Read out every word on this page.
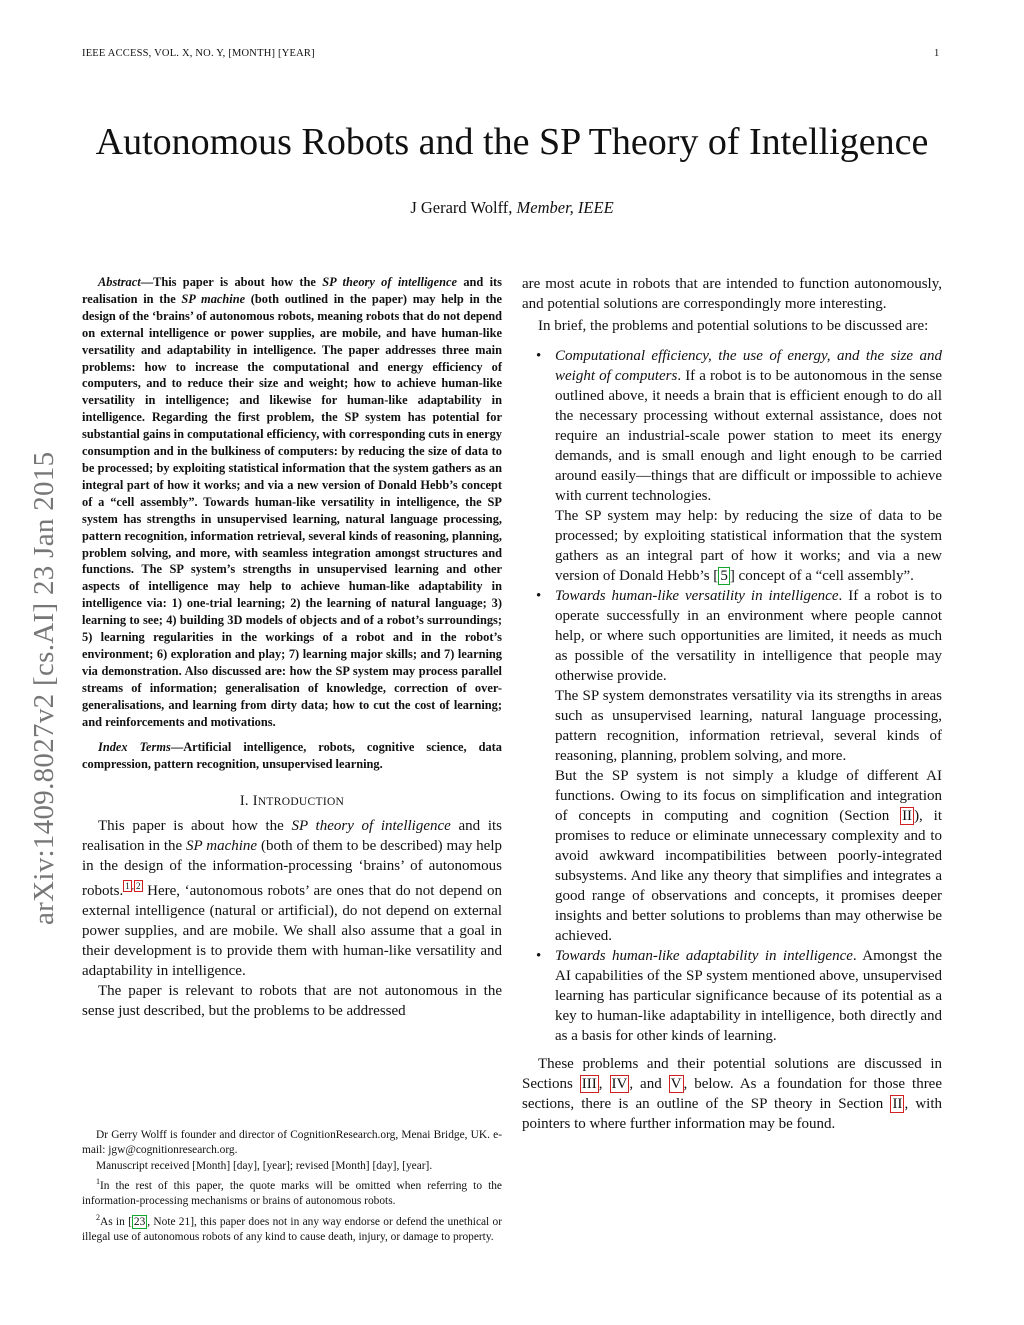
IEEE ACCESS, VOL. X, NO. Y, [MONTH] [YEAR]	1
Autonomous Robots and the SP Theory of Intelligence
J Gerard Wolff, Member, IEEE
arXiv:1409.8027v2 [cs.AI] 23 Jan 2015

Abstract—This paper is about how the SP theory of intelligence and its realisation in the SP machine (both outlined in the paper) may help in the design of the ‘brains’ of autonomous robots, meaning robots that do not depend on external intelligence or power supplies, are mobile, and have human-like versatility and adaptability in intelligence. The paper addresses three main problems: how to increase the computational and energy efficiency of computers, and to reduce their size and weight; how to achieve human-like versatility in intelligence; and likewise for human-like adaptability in intelligence. Regarding the first problem, the SP system has potential for substantial gains in computational efficiency, with corresponding cuts in energy consumption and in the bulkiness of computers: by reducing the size of data to be processed; by exploiting statistical information that the system gathers as an integral part of how it works; and via a new version of Donald Hebb’s concept of a “cell assembly”. Towards human-like versatility in intelligence, the SP system has strengths in unsupervised learning, natural language processing, pattern recognition, information retrieval, several kinds of reasoning, planning, problem solving, and more, with seamless integration amongst structures and functions. The SP system’s strengths in unsupervised learning and other aspects of intelligence may help to achieve human-like adaptability in intelligence via: 1) one-trial learning; 2) the learning of natural language; 3) learning to see; 4) building 3D models of objects and of a robot’s surroundings; 5) learning regularities in the workings of a robot and in the robot’s environment; 6) exploration and play; 7) learning major skills; and 7) learning via demonstration. Also discussed are: how the SP system may process parallel streams of information; generalisation of knowledge, correction of over-generalisations, and learning from dirty data; how to cut the cost of learning; and reinforcements and motivations.

Index Terms—Artificial intelligence, robots, cognitive science, data compression, pattern recognition, unsupervised learning.

I. INTRODUCTION

This paper is about how the SP theory of intelligence and its realisation in the SP machine (both of them to be described) may help in the design of the information-processing ‘brains’ of autonomous robots. $^{1 , 2}$ Here, ‘autonomous robots’ are ones that do not depend on external intelligence (natural or artificial), do not depend on external power supplies, and are mobile. We shall also assume that a goal in their development is to provide them with human-like versatility and adaptability in intelligence.

The paper is relevant to robots that are not autonomous in the sense just described, but the problems to be addressed

Dr Gerry Wolff is founder and director of CognitionResearch.org, Menai Bridge, UK. e-mail: jgw@cognitionresearch.org.

Manuscript received [Month] [day], [year]; revised [Month] [day], [year].

$^1$In the rest of this paper, the quote marks will be omitted when referring to the information-processing mechanisms or brains of autonomous robots.

$^2$As in [ 23 , Note 21], this paper does not in any way endorse or defend the unethical or illegal use of autonomous robots of any kind to cause death, injury, or damage to property.

are most acute in robots that are intended to function autonomously, and potential solutions are correspondingly more interesting.

In brief, the problems and potential solutions to be discussed are:

• Computational efficiency, the use of energy, and the size and weight of computers. If a robot is to be autonomous in the sense outlined above, it needs a brain that is efficient enough to do all the necessary processing without external assistance, does not require an industrial-scale power station to meet its energy demands, and is small enough and light enough to be carried around easily—things that are difficult or impossible to achieve with current technologies.

The SP system may help: by reducing the size of data to be processed; by exploiting statistical information that the system gathers as an integral part of how it works; and via a new version of Donald Hebb’s [ 5 ] concept of a “cell assembly”.

• Towards human-like versatility in intelligence. If a robot is to operate successfully in an environment where people cannot help, or where such opportunities are limited, it needs as much as possible of the versatility in intelligence that people may otherwise provide.

The SP system demonstrates versatility via its strengths in areas such as unsupervised learning, natural language processing, pattern recognition, information retrieval, several kinds of reasoning, planning, problem solving, and more.

But the SP system is not simply a kludge of different AI functions. Owing to its focus on simplification and integration of concepts in computing and cognition (Section II ), it promises to reduce or eliminate unnecessary complexity and to avoid awkward incompatibilities between poorly-integrated subsystems. And like any theory that simplifies and integrates a good range of observations and concepts, it promises deeper insights and better solutions to problems than may otherwise be achieved.

• Towards human-like adaptability in intelligence. Amongst the AI capabilities of the SP system mentioned above, unsupervised learning has particular significance because of its potential as a key to human-like adaptability in intelligence, both directly and as a basis for other kinds of learning.

These problems and their potential solutions are discussed in Sections III , IV , and V , below. As a foundation for those three sections, there is an outline of the SP theory in Section II , with pointers to where further information may be found.
